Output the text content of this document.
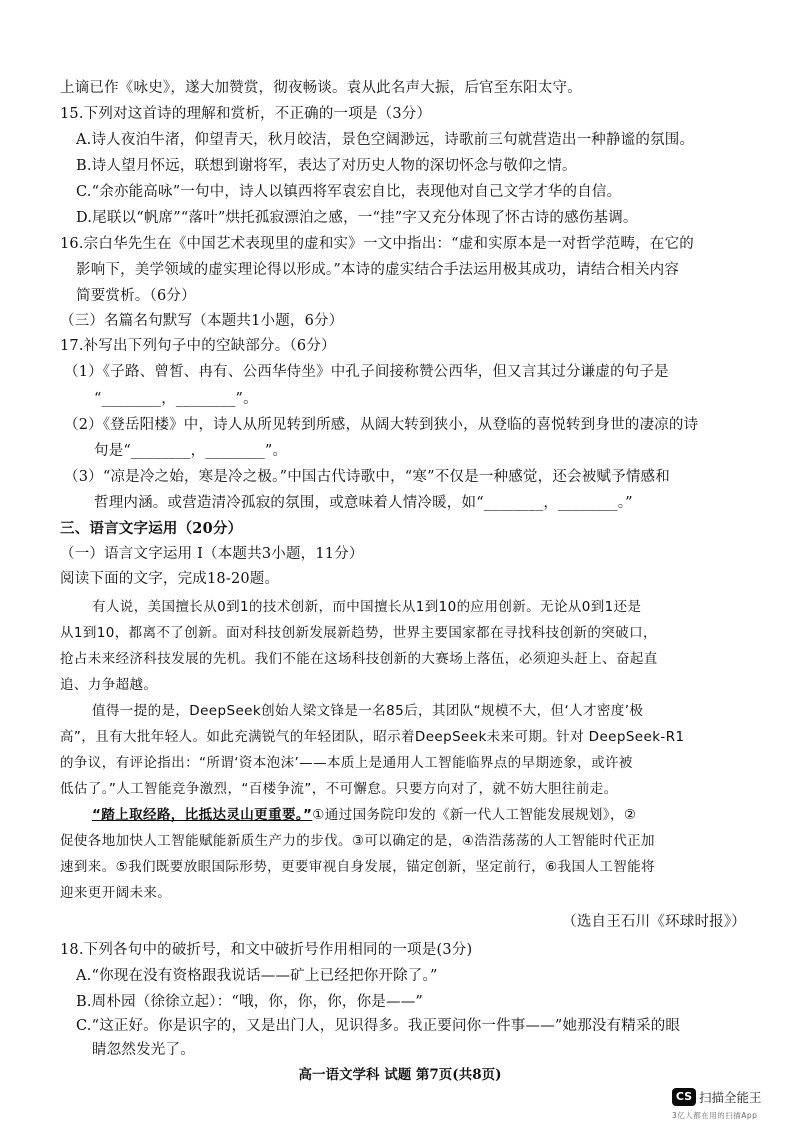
上谪已作《咏史》，遂大加赞赏，彻夜畅谈。袁从此名声大振，后官至东阳太守。
15.下列对这首诗的理解和赏析，不正确的一项是（3分）
A.诗人夜泊牛渚，仰望青天，秋月皎洁，景色空阔渺远，诗歌前三句就营造出一种静谧的氛围。
B.诗人望月怀远，联想到谢将军，表达了对历史人物的深切怀念与敬仰之情。
C.“余亦能高咏”一句中，诗人以镇西将军袁宏自比，表现他对自己文学才华的自信。
D.尾联以“帆席”“落叶”烘托孤寂漂泊之感，一“挂”字又充分体现了怀古诗的感伤基调。
16.宗白华先生在《中国艺术表现里的虚和实》一文中指出：“虚和实原本是一对哲学范畴，在它的
影响下，美学领域的虚实理论得以形成。”本诗的虚实结合手法运用极其成功，请结合相关内容
简要赏析。（6分）
（三）名篇名句默写（本题共1小题，6分）
17.补写出下列句子中的空缺部分。（6分）
（1）《子路、曾皙、冉有、公西华侍坐》中孔子间接称赞公西华，但又言其过分谦虚的句子是
“________，________”。
（2）《登岳阳楼》中，诗人从所见转到所感，从阔大转到狭小，从登临的喜悦转到身世的凄凉的诗
句是“________，________”。
（3）“凉是冷之始，寒是冷之极。”中国古代诗歌中，“寒”不仅是一种感觉，还会被赋予情感和
哲理内涵。或营造清冷孤寂的氛围，或意味着人情冷暖，如“________，________。”
三、语言文字运用（20分）
（一）语言文字运用 I（本题共3小题，11分）
阅读下面的文字，完成18-20题。
有人说，美国擅长从0到1的技术创新，而中国擅长从1到10的应用创新。无论从0到1还是
从1到10，都离不了创新。面对科技创新发展新趋势，世界主要国家都在寻找科技创新的突破口，
抢占未来经济科技发展的先机。我们不能在这场科技创新的大赛场上落伍，必须迎头赶上、奋起直
追、力争超越。
值得一提的是，DeepSeek创始人梁文锋是一名85后，其团队“规模不大，但‘人才密度’极
高”，且有大批年轻人。如此充满锐气的年轻团队，昭示着DeepSeek未来可期。针对 DeepSeek-R1
的争议，有评论指出：“所谓‘资本泡沫’——本质上是通用人工智能临界点的早期迹象，或许被
低估了。”人工智能竞争激烈，“百楼争流”，不可懈怠。只要方向对了，就不妨大胆往前走。
“踏上取经路，比抵达灵山更重要。”①通过国务院印发的《新一代人工智能发展规划》，②
促使各地加快人工智能赋能新质生产力的步伐。③可以确定的是，④浩浩荡荡的人工智能时代正加
速到来。⑤我们既要放眼国际形势，更要审视自身发展，锚定创新，坚定前行，⑥我国人工智能将
迎来更开阔未来。
（选自王石川《环球时报》）
18.下列各句中的破折号，和文中破折号作用相同的一项是(3分)
A.“你现在没有资格跟我说话——矿上已经把你开除了。”
B.周朴园（徐徐立起）：“哦，你，你，你，你是——”
C.“这正好。你是识字的，又是出门人，见识得多。我正要问你一件事——”她那没有精采的眼
高一语文学科 试题 第7页(共8页)
睛忽然发光了。
CS 扫描全能王
3亿人都在用的扫描App
